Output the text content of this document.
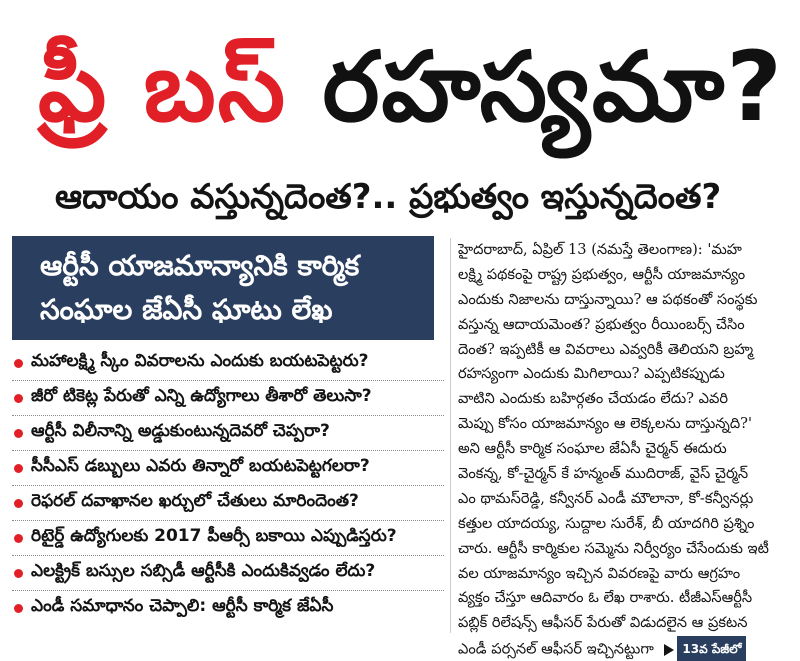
ఫ్రీ బస్ రహస్యమా?
ఆదాయం వస్తున్నదెంత?.. ప్రభుత్వం ఇస్తున్నదెంత?
ఆర్టీసీ యాజమాన్యానికి కార్మిక
సంఘాల జేఏసీ ఘాటు లేఖ
మహాలక్ష్మి స్కీం వివరాలను ఎందుకు బయటపెట్టరు?
జీరో టికెట్ల పేరుతో ఎన్ని ఉద్యోగాలు తీశారో తెలుసా?
ఆర్టీసీ విలీనాన్ని అడ్డుకుంటున్నదెవరో చెప్పరా?
సీసీఎస్ డబ్బులు ఎవరు తిన్నారో బయటపెట్టగలరా?
రెఫరల్ దవాఖానల ఖర్చులో చేతులు మారిందెంత?
రిటైర్డ్ ఉద్యోగులకు 2017 పీఆర్సీ బకాయి ఎప్పుడిస్తరు?
ఎలక్ట్రిక్ బస్సుల సబ్సిడీ ఆర్టీసీకి ఎందుకివ్వడం లేదు?
ఎండీ సమాధానం చెప్పాలి: ఆర్టీసీ కార్మిక జేఏసీ
హైదరాబాద్, ఏప్రిల్ 13 (నమస్తే తెలంగాణ): 'మహ
లక్ష్మి పథకంపై రాష్ట్ర ప్రభుత్వం, ఆర్టీసీ యాజమాన్యం
ఎందుకు నిజాలను దాస్తున్నాయి? ఆ పథకంతో సంస్థకు
వస్తున్న ఆదాయమెంత? ప్రభుత్వం రీయింబర్స్ చేసిం
దెంత? ఇప్పటికీ ఆ వివరాలు ఎవ్వరికీ తెలియని బ్రహ్మ
రహస్యంగా ఎందుకు మిగిలాయి? ఎప్పటికప్పుడు
వాటిని ఎందుకు బహిర్గతం చేయడం లేదు? ఎవరి
మెప్పు కోసం యాజమాన్యం ఆ లెక్కలను దాస్తున్నది?'
అని ఆర్టీసీ కార్మిక సంఘాల జేఏసీ చైర్మన్ ఈదురు
వెంకన్న, కో-చైర్మన్ కే హన్మంత్ ముదిరాజ్, వైస్ చైర్మన్
ఎం థామస్‌రెడ్డి, కన్వీనర్ ఎండీ మౌలానా, కో-కన్వీనర్లు
కత్తుల యాదయ్య, సుద్దాల సురేశ్, బీ యాదగిరి ప్రశ్నిం
చారు. ఆర్టీసీ కార్మికుల సమ్మెను నిర్వీర్యం చేసేందుకు ఇటీ
వల యాజమాన్యం ఇచ్చిన వివరణపై వారు ఆగ్రహం
వ్యక్తం చేస్తూ ఆదివారం ఓ లేఖ రాశారు. టీజీఎస్ఆర్టీసీ
పబ్లిక్ రిలేషన్స్ ఆఫీసర్ పేరుతో విడుదలైన ఆ ప్రకటన
ఎండీ పర్సనల్ ఆఫీసర్ ఇచ్చినట్టుగా	13వ పేజీలో
